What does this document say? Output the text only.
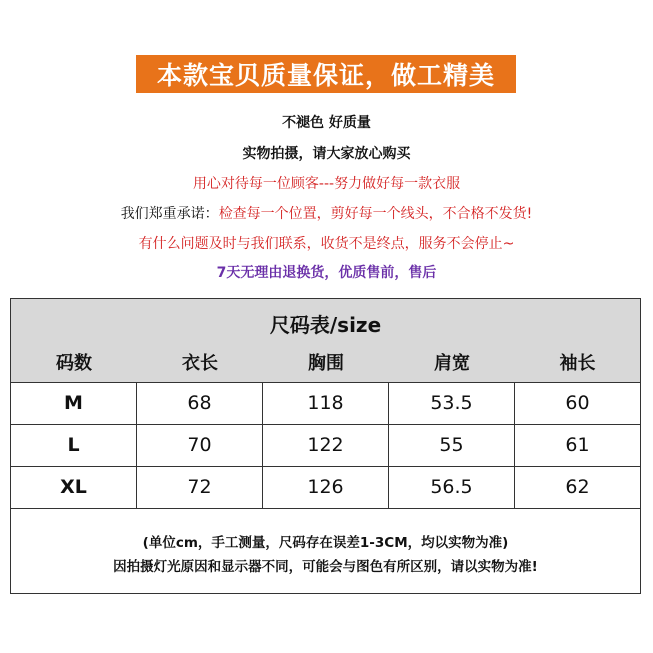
本款宝贝质量保证，做工精美
不褪色 好质量
实物拍摄，请大家放心购买
用心对待每一位顾客---努力做好每一款衣服
我们郑重承诺：检查每一个位置，剪好每一个线头，不合格不发货!
有什么问题及时与我们联系，收货不是终点，服务不会停止~
7天无理由退换货，优质售前，售后
尺码表/size
码数	衣长	胸围	肩宽	袖长
M	68	118	53.5	60
L	70	122	55	61
XL	72	126	56.5	62
(单位cm，手工测量，尺码存在误差1-3CM，均以实物为准)
因拍摄灯光原因和显示器不同，可能会与图色有所区别，请以实物为准!
